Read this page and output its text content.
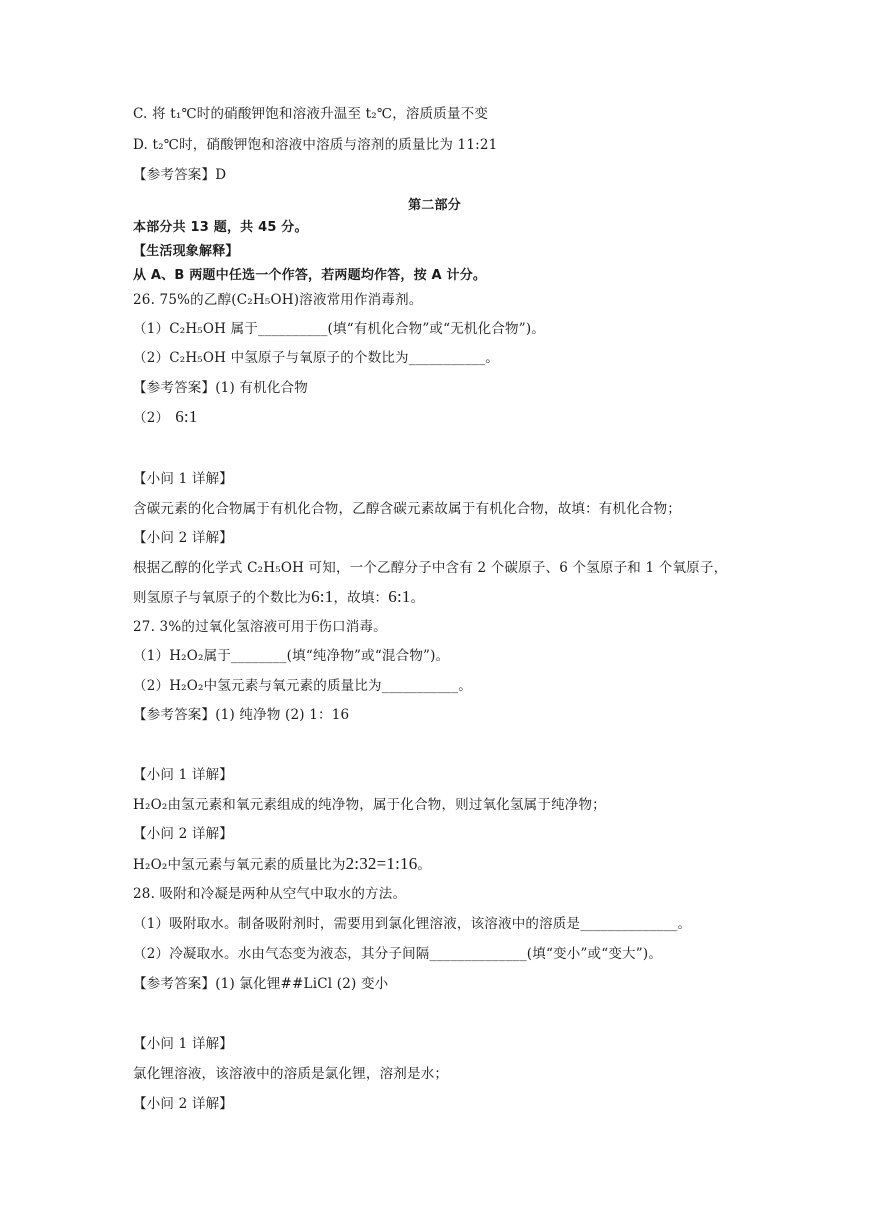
C. 将 t₁℃时的硝酸钾饱和溶液升温至 t₂℃，溶质质量不变
D. t₂℃时，硝酸钾饱和溶液中溶质与溶剂的质量比为 11:21
【参考答案】D
第二部分
本部分共 13 题，共 45 分。
【生活现象解释】
从 A、B 两题中任选一个作答，若两题均作答，按 A 计分。
26. 75%的乙醇(C₂H₅OH)溶液常用作消毒剂。
（1）C₂H₅OH 属于__________(填“有机化合物”或“无机化合物”)。
（2）C₂H₅OH 中氢原子与氧原子的个数比为___________。
【参考答案】(1) 有机化合物
（2） 6:1
【小问 1 详解】
含碳元素的化合物属于有机化合物，乙醇含碳元素故属于有机化合物，故填：有机化合物；
【小问 2 详解】
根据乙醇的化学式 C₂H₅OH 可知，一个乙醇分子中含有 2 个碳原子、6 个氢原子和 1 个氧原子，
则氢原子与氧原子的个数比为6:1，故填：6:1。
27. 3%的过氧化氢溶液可用于伤口消毒。
（1）H₂O₂属于________(填“纯净物”或“混合物”)。
（2）H₂O₂中氢元素与氧元素的质量比为___________。
【参考答案】(1) 纯净物 (2) 1：16
【小问 1 详解】
H₂O₂由氢元素和氧元素组成的纯净物，属于化合物，则过氧化氢属于纯净物；
【小问 2 详解】
H₂O₂中氢元素与氧元素的质量比为2:32=1:16。
28. 吸附和冷凝是两种从空气中取水的方法。
（1）吸附取水。制备吸附剂时，需要用到氯化锂溶液，该溶液中的溶质是______________。
（2）冷凝取水。水由气态变为液态，其分子间隔______________(填“变小”或“变大”)。
【参考答案】(1) 氯化锂##LiCl (2) 变小
【小问 1 详解】
氯化锂溶液，该溶液中的溶质是氯化锂，溶剂是水；
【小问 2 详解】
